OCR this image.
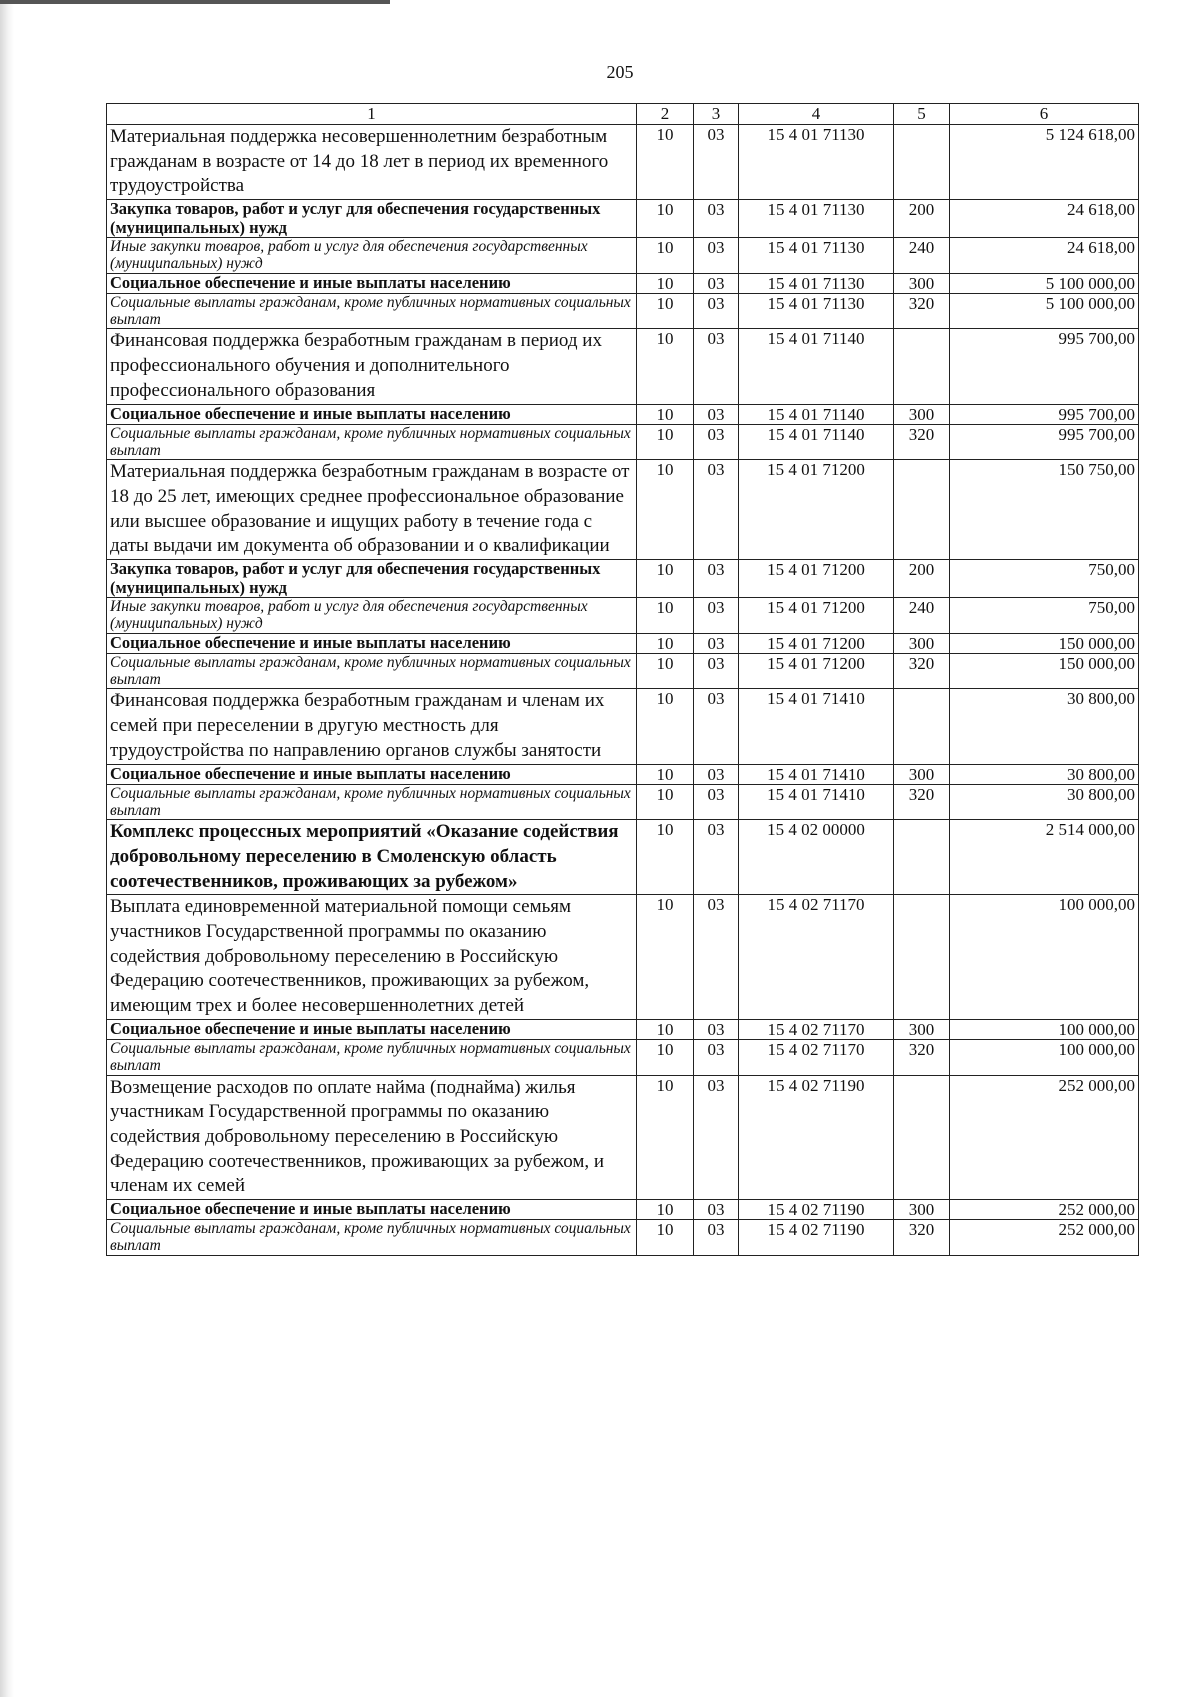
205
1	2	3	4	5	6
Материальная поддержка несовершеннолетним безработным гражданам в возрасте от 14 до 18 лет в период их временного трудоустройства	10	03	15 4 01 71130		5 124 618,00
Закупка товаров, работ и услуг для обеспечения государственных (муниципальных) нужд	10	03	15 4 01 71130	200	24 618,00
Иные закупки товаров, работ и услуг для обеспечения государственных (муниципальных) нужд	10	03	15 4 01 71130	240	24 618,00
Социальное обеспечение и иные выплаты населению	10	03	15 4 01 71130	300	5 100 000,00
Социальные выплаты гражданам, кроме публичных нормативных социальных выплат	10	03	15 4 01 71130	320	5 100 000,00
Финансовая поддержка безработным гражданам в период их профессионального обучения и дополнительного профессионального образования	10	03	15 4 01 71140		995 700,00
Социальное обеспечение и иные выплаты населению	10	03	15 4 01 71140	300	995 700,00
Социальные выплаты гражданам, кроме публичных нормативных социальных выплат	10	03	15 4 01 71140	320	995 700,00
Материальная поддержка безработным гражданам в возрасте от 18 до 25 лет, имеющих среднее профессиональное образование или высшее образование и ищущих работу в течение года с даты выдачи им документа об образовании и о квалификации	10	03	15 4 01 71200		150 750,00
Закупка товаров, работ и услуг для обеспечения государственных (муниципальных) нужд	10	03	15 4 01 71200	200	750,00
Иные закупки товаров, работ и услуг для обеспечения государственных (муниципальных) нужд	10	03	15 4 01 71200	240	750,00
Социальное обеспечение и иные выплаты населению	10	03	15 4 01 71200	300	150 000,00
Социальные выплаты гражданам, кроме публичных нормативных социальных выплат	10	03	15 4 01 71200	320	150 000,00
Финансовая поддержка безработным гражданам и членам их семей при переселении в другую местность для трудоустройства по направлению органов службы занятости	10	03	15 4 01 71410		30 800,00
Социальное обеспечение и иные выплаты населению	10	03	15 4 01 71410	300	30 800,00
Социальные выплаты гражданам, кроме публичных нормативных социальных выплат	10	03	15 4 01 71410	320	30 800,00
Комплекс процессных мероприятий «Оказание содействия добровольному переселению в Смоленскую область соотечественников, проживающих за рубежом»	10	03	15 4 02 00000		2 514 000,00
Выплата единовременной материальной помощи семьям участников Государственной программы по оказанию содействия добровольному переселению в Российскую Федерацию соотечественников, проживающих за рубежом, имеющим трех и более несовершеннолетних детей	10	03	15 4 02 71170		100 000,00
Социальное обеспечение и иные выплаты населению	10	03	15 4 02 71170	300	100 000,00
Социальные выплаты гражданам, кроме публичных нормативных социальных выплат	10	03	15 4 02 71170	320	100 000,00
Возмещение расходов по оплате найма (поднайма) жилья участникам Государственной программы по оказанию содействия добровольному переселению в Российскую Федерацию соотечественников, проживающих за рубежом, и членам их семей	10	03	15 4 02 71190		252 000,00
Социальное обеспечение и иные выплаты населению	10	03	15 4 02 71190	300	252 000,00
Социальные выплаты гражданам, кроме публичных нормативных социальных выплат	10	03	15 4 02 71190	320	252 000,00
